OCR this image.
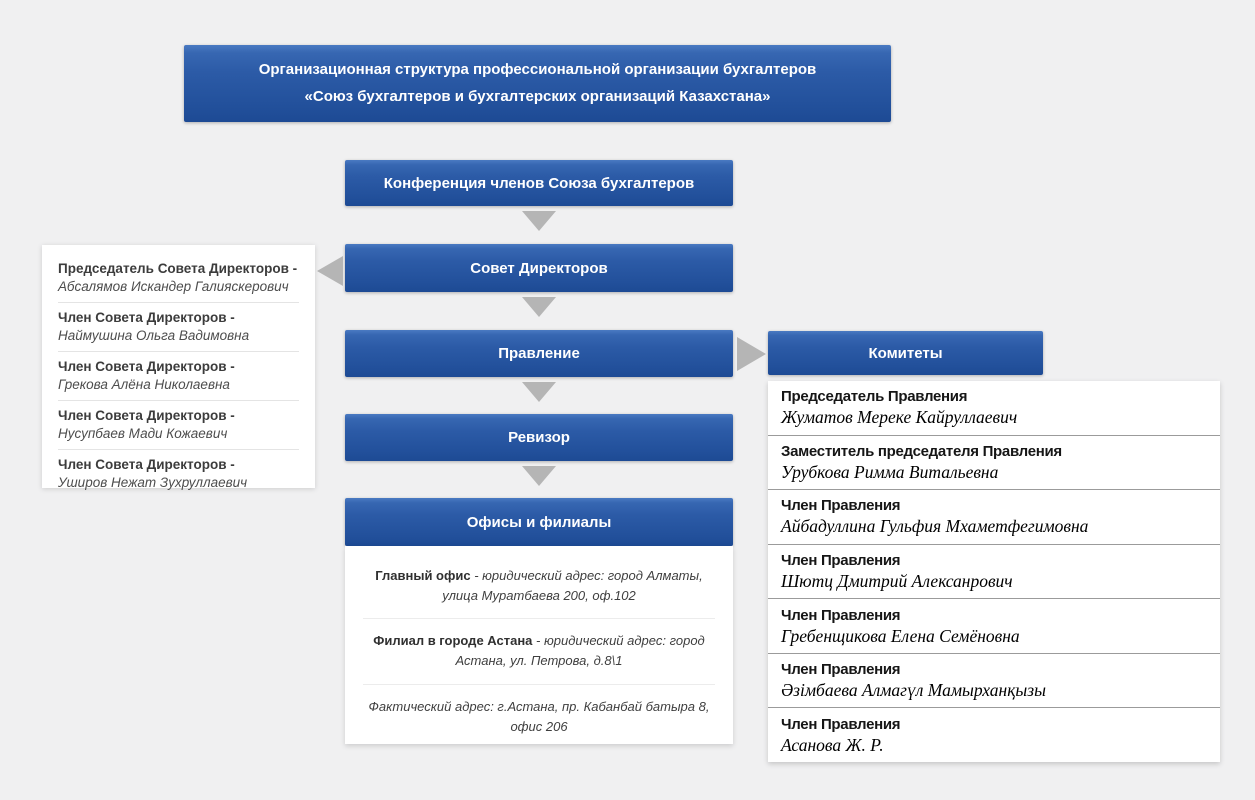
Организационная структура профессиональной организации бухгалтеров
«Союз бухгалтеров и бухгалтерских организаций Казахстана»
Конференция членов Союза бухгалтеров
Совет Директоров
Правление
Ревизор
Офисы и филиалы
Комитеты
Председатель Совета Директоров -
Абсалямов Искандер Галияскерович
Член Совета Директоров -
Наймушина Ольга Вадимовна
Член Совета Директоров -
Грекова Алёна Николаевна
Член Совета Директоров -
Нусупбаев Мади Кожаевич
Член Совета Директоров -
Уширов Нежат Зухруллаевич
Главный офис - юридический адрес: город Алматы, улица Муратбаева 200, оф.102
Филиал в городе Астана - юридический адрес: город Астана, ул. Петрова, д.8\1
Фактический адрес: г.Астана, пр. Кабанбай батыра 8, офис 206
Председатель Правления
Жуматов Мереке Кайруллаевич
Заместитель председателя Правления
Урубкова Римма Витальевна
Член Правления
Айбадуллина Гульфия Мхаметфегимовна
Член Правления
Шютц Дмитрий Алексанрович
Член Правления
Гребенщикова Елена Семёновна
Член Правления
Әзімбаева Алмагүл Мамырханқызы
Член Правления
Асанова Ж. Р.
